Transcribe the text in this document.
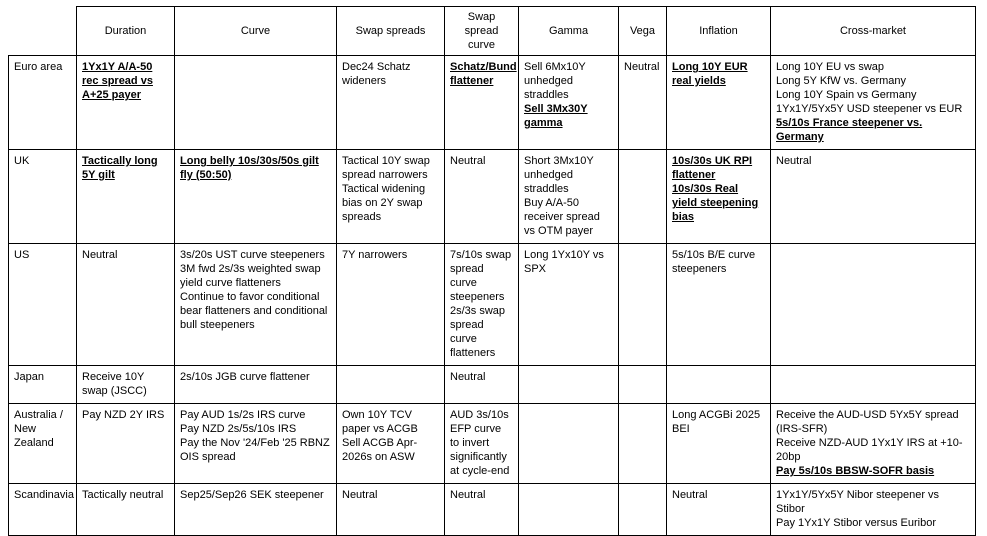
	Duration	Curve	Swap spreads	Swap spread curve	Gamma	Vega	Inflation	Cross-market
Euro area	1Yx1Y A/A-50 rec spread vs A+25 payer		Dec24 Schatz wideners	Schatz/Bund flattener	Sell 6Mx10Y unhedged straddles
Sell 3Mx30Y gamma	Neutral	Long 10Y EUR real yields	Long 10Y EU vs swap
Long 5Y KfW vs. Germany
Long 10Y Spain vs Germany
1Yx1Y/5Yx5Y USD steepener vs EUR
5s/10s France steepener vs. Germany

UK	Tactically long 5Y gilt	Long belly 10s/30s/50s gilt fly (50:50)	Tactical 10Y swap spread narrowers
Tactical widening bias on 2Y swap spreads	Neutral	Short 3Mx10Y unhedged straddles
Buy A/A-50 receiver spread vs OTM payer		10s/30s UK RPI flattener
10s/30s Real yield steepening bias	Neutral

US	Neutral	3s/20s UST curve steepeners
3M fwd 2s/3s weighted swap yield curve flatteners
Continue to favor conditional bear flatteners and conditional bull steepeners	7Y narrowers	7s/10s swap spread curve steepeners
2s/3s swap spread curve flatteners	Long 1Yx10Y vs SPX		5s/10s B/E curve steepeners	

Japan	Receive 10Y swap (JSCC)	2s/10s JGB curve flattener		Neutral				

Australia / New Zealand	Pay NZD 2Y IRS	Pay AUD 1s/2s IRS curve
Pay NZD 2s/5s/10s IRS
Pay the Nov '24/Feb '25 RBNZ OIS spread	Own 10Y TCV paper vs ACGB
Sell ACGB Apr-2026s on ASW	AUD 3s/10s EFP curve to invert significantly at cycle-end			Long ACGBi 2025 BEI	Receive the AUD-USD 5Yx5Y spread (IRS-SFR)
Receive NZD-AUD 1Yx1Y IRS at +10-20bp
Pay 5s/10s BBSW-SOFR basis

Scandinavia	Tactically neutral	Sep25/Sep26 SEK steepener	Neutral	Neutral			Neutral	1Yx1Y/5Yx5Y Nibor steepener vs Stibor
Pay 1Yx1Y Stibor versus Euribor
